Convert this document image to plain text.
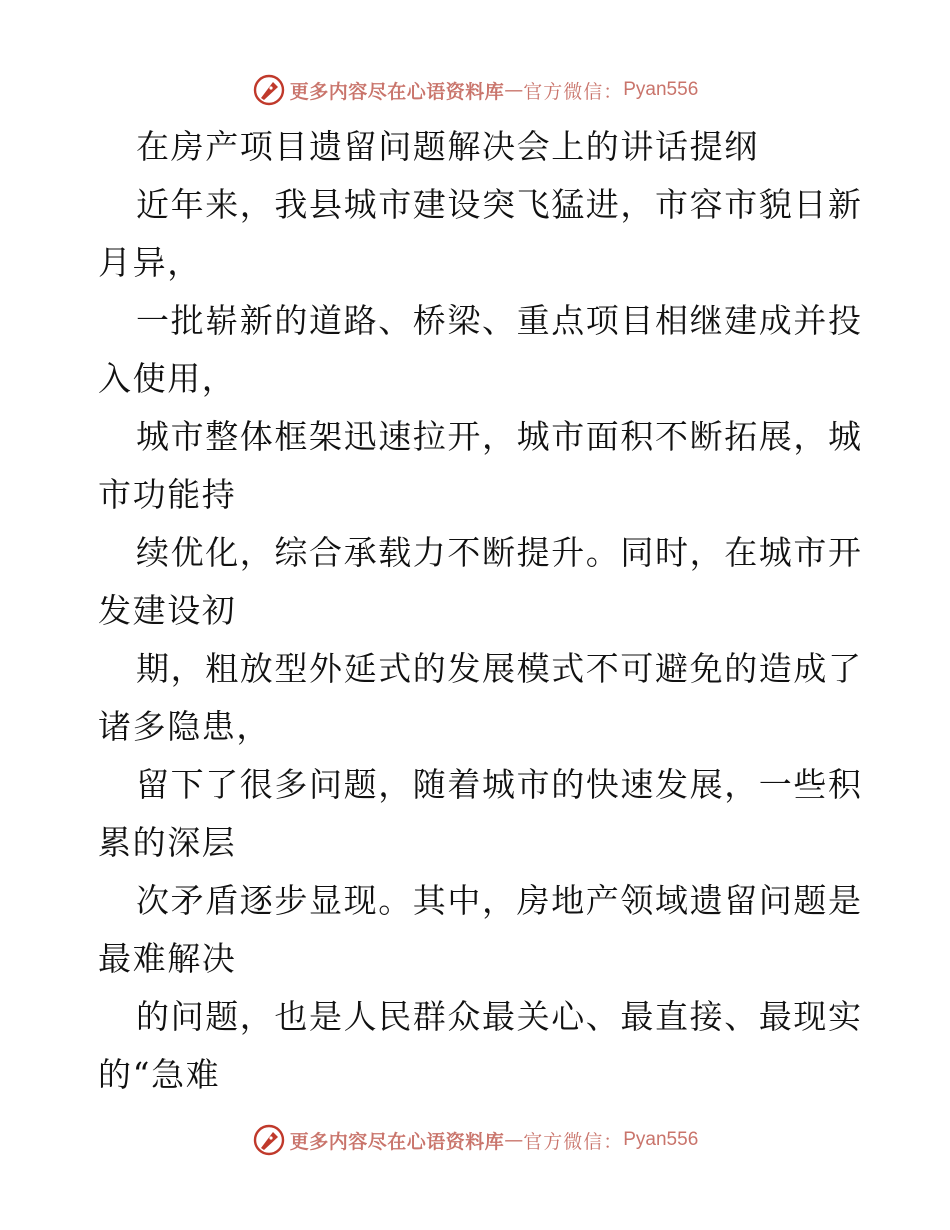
更多内容尽在心语资料库 — 官方微信： Pyan556

在房产项目遗留问题解决会上的讲话提纲

近年来，我县城市建设突飞猛进，市容市貌日新

月异，

一批崭新的道路、桥梁、重点项目相继建成并投

入使用，

城市整体框架迅速拉开，城市面积不断拓展，城

市功能持

续优化，综合承载力不断提升。同时，在城市开

发建设初

期，粗放型外延式的发展模式不可避免的造成了

诸多隐患，

留下了很多问题，随着城市的快速发展，一些积

累的深层

次矛盾逐步显现。其中，房地产领域遗留问题是

最难解决

的问题，也是人民群众最关心、最直接、最现实

的“急难

更多内容尽在心语资料库 — 官方微信： Pyan556
